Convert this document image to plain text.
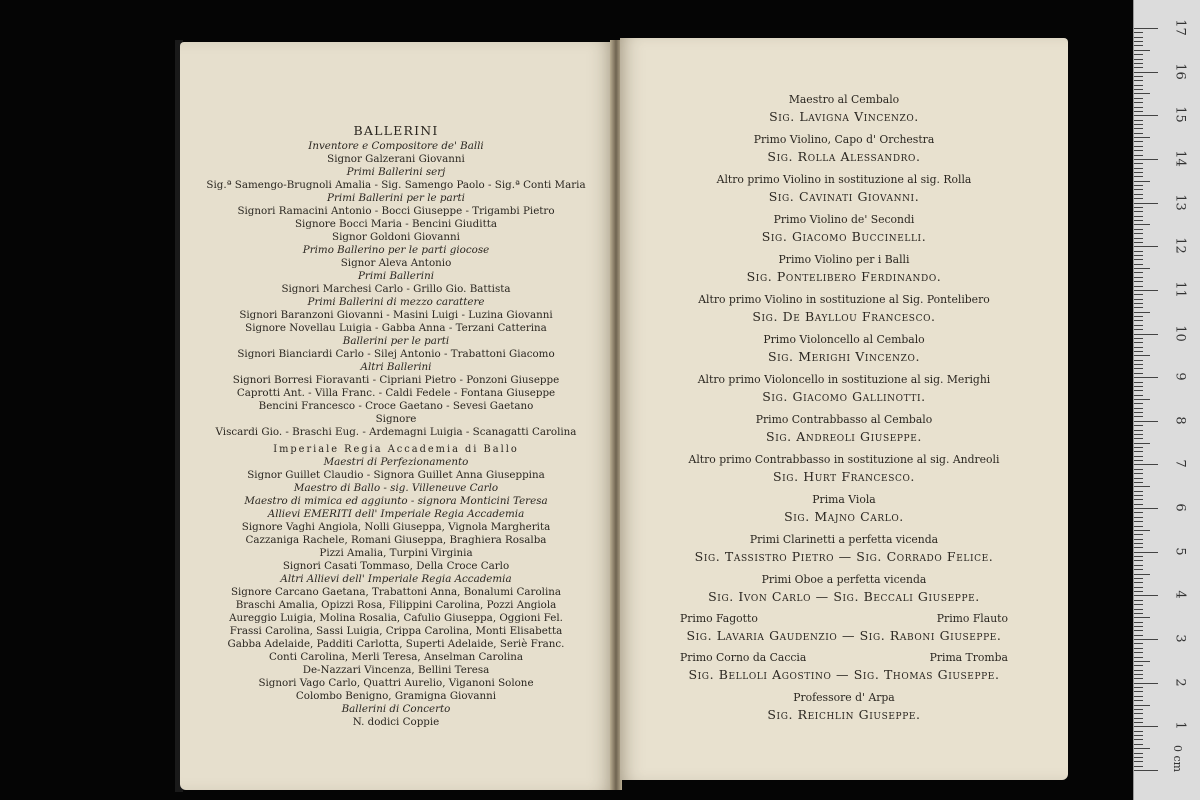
BALLERINI
Inventore e Compositore de' Balli
Signor Galzerani Giovanni
Primi Ballerini serj
Sig.ª Samengo-Brugnoli Amalia - Sig. Samengo Paolo - Sig.ª Conti Maria
Primi Ballerini per le parti
Signori Ramacini Antonio - Bocci Giuseppe - Trigambi Pietro
Signore Bocci Maria - Bencini Giuditta
Signor Goldoni Giovanni
Primo Ballerino per le parti giocose
Signor Aleva Antonio
Primi Ballerini
Signori Marchesi Carlo - Grillo Gio. Battista
Primi Ballerini di mezzo carattere
Signori Baranzoni Giovanni - Masini Luigi - Luzina Giovanni
Signore Novellau Luigia - Gabba Anna - Terzani Catterina
Ballerini per le parti
Signori Bianciardi Carlo - Silej Antonio - Trabattoni Giacomo
Altri Ballerini
Signori Borresi Fioravanti - Cipriani Pietro - Ponzoni Giuseppe
Caprotti Ant. - Villa Franc. - Caldi Fedele - Fontana Giuseppe
Bencini Francesco - Croce Gaetano - Sevesi Gaetano
Signore
Viscardi Gio. - Braschi Eug. - Ardemagni Luigia - Scanagatti Carolina
Imperiale Regia Accademia di Ballo
Maestri di Perfezionamento
Signor Guillet Claudio - Signora Guillet Anna Giuseppina
Maestro di Ballo - sig. Villeneuve Carlo
Maestro di mimica ed aggiunto - signora Monticini Teresa
Allievi EMERITI dell' Imperiale Regia Accademia
Signore Vaghi Angiola, Nolli Giuseppa, Vignola Margherita
Cazzaniga Rachele, Romani Giuseppa, Braghiera Rosalba
Pizzi Amalia, Turpini Virginia
Signori Casati Tommaso, Della Croce Carlo
Altri Allievi dell' Imperiale Regia Accademia
Signore Carcano Gaetana, Trabattoni Anna, Bonalumi Carolina
Braschi Amalia, Opizzi Rosa, Filippini Carolina, Pozzi Angiola
Aureggio Luigia, Molina Rosalia, Cafulio Giuseppa, Oggioni Fel.
Frassi Carolina, Sassi Luigia, Crippa Carolina, Monti Elisabetta
Gabba Adelaide, Padditi Carlotta, Superti Adelaide, Seriè Franc.
Conti Carolina, Merli Teresa, Anselman Carolina
De-Nazzari Vincenza, Bellini Teresa
Signori Vago Carlo, Quattri Aurelio, Viganoni Solone
Colombo Benigno, Gramigna Giovanni
Ballerini di Concerto
N. dodici Coppie
Maestro al Cembalo
Sig. Lavigna Vincenzo.
Primo Violino, Capo d' Orchestra
Sig. Rolla Alessandro.
Altro primo Violino in sostituzione al sig. Rolla
Sig. Cavinati Giovanni.
Primo Violino de' Secondi
Sig. Giacomo Buccinelli.
Primo Violino per i Balli
Sig. Pontelibero Ferdinando.
Altro primo Violino in sostituzione al Sig. Pontelibero
Sig. De Bayllou Francesco.
Primo Violoncello al Cembalo
Sig. Merighi Vincenzo.
Altro primo Violoncello in sostituzione al sig. Merighi
Sig. Giacomo Gallinotti.
Primo Contrabbasso al Cembalo
Sig. Andreoli Giuseppe.
Altro primo Contrabbasso in sostituzione al sig. Andreoli
Sig. Hurt Francesco.
Prima Viola
Sig. Majno Carlo.
Primi Clarinetti a perfetta vicenda
Sig. Tassistro Pietro — Sig. Corrado Felice.
Primi Oboe a perfetta vicenda
Sig. Ivon Carlo — Sig. Beccali Giuseppe.
Primo Fagotto	Primo Flauto
Sig. Lavaria Gaudenzio — Sig. Raboni Giuseppe.
Primo Corno da Caccia	Prima Tromba
Sig. Belloli Agostino — Sig. Thomas Giuseppe.
Professore d' Arpa
Sig. Reichlin Giuseppe.
1
2
3
4
5
6
7
8
9
10
11
12
13
14
15
16
17
0 cm
